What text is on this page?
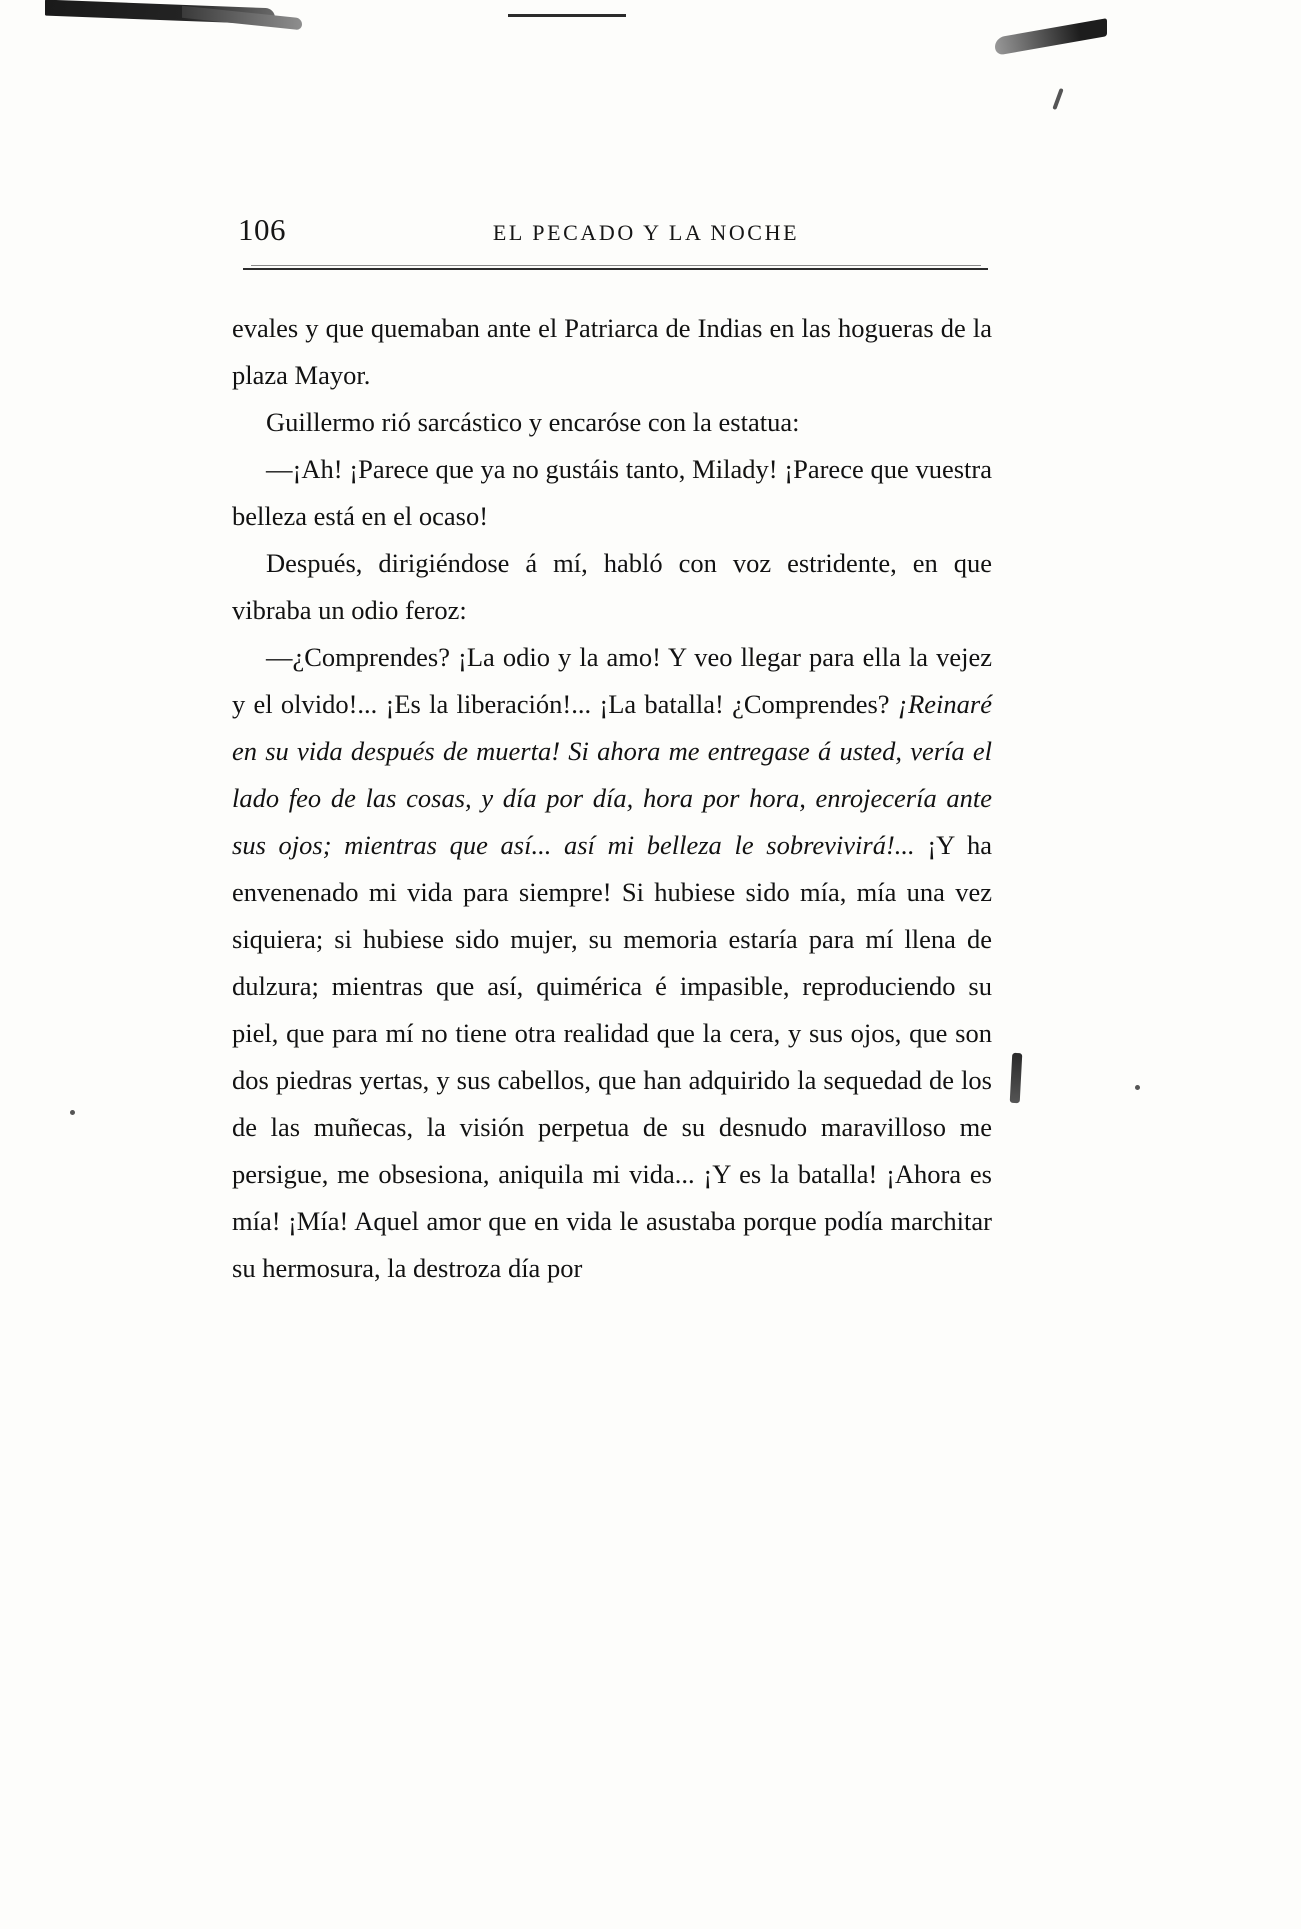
106	EL PECADO Y LA NOCHE

evales y que quemaban ante el Patriarca de Indias en las hogueras de la plaza Mayor.

Guillermo rió sarcástico y encaróse con la estatua:

—¡Ah! ¡Parece que ya no gustáis tanto, Milady! ¡Parece que vuestra belleza está en el ocaso!

Después, dirigiéndose á mí, habló con voz estridente, en que vibraba un odio feroz:

—¿Comprendes? ¡La odio y la amo! Y veo llegar para ella la vejez y el olvido!... ¡Es la liberación!... ¡La batalla! ¿Comprendes? ¡Reinaré en su vida después de muerta! Si ahora me entregase á usted, vería el lado feo de las cosas, y día por día, hora por hora, enrojecería ante sus ojos; mientras que así... así mi belleza le sobrevivirá!... ¡Y ha envenenado mi vida para siempre! Si hubiese sido mía, mía una vez siquiera; si hubiese sido mujer, su memoria estaría para mí llena de dulzura; mientras que así, quimérica é impasible, reproduciendo su piel, que para mí no tiene otra realidad que la cera, y sus ojos, que son dos piedras yertas, y sus cabellos, que han adquirido la sequedad de los de las muñecas, la visión perpetua de su desnudo maravilloso me persigue, me obsesiona, aniquila mi vida... ¡Y es la batalla! ¡Ahora es mía! ¡Mía! Aquel amor que en vida le asustaba porque podía marchitar su hermosura, la destroza día por
